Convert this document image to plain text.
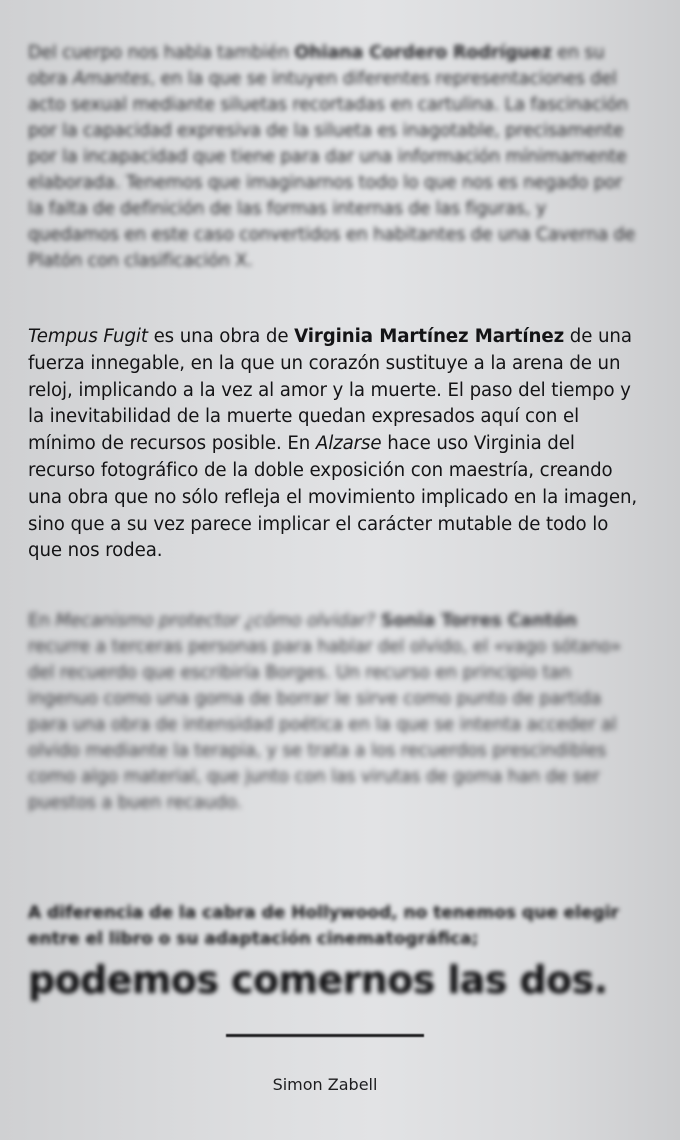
Del cuerpo nos habla también Ohiana Cordero Rodríguez en su obra Amantes, en la que se intuyen diferentes representaciones del acto sexual mediante siluetas recortadas en cartulina. La fascinación por la capacidad expresiva de la silueta es inagotable, precisamente por la incapacidad que tiene para dar una información mínimamente elaborada. Tenemos que imaginarnos todo lo que nos es negado por la falta de definición de las formas internas de las figuras, y quedamos en este caso convertidos en habitantes de una Caverna de Platón con clasificación X.

Tempus Fugit es una obra de Virginia Martínez Martínez de una fuerza innegable, en la que un corazón sustituye a la arena de un reloj, implicando a la vez al amor y la muerte. El paso del tiempo y la inevitabilidad de la muerte quedan expresados aquí con el mínimo de recursos posible. En Alzarse hace uso Virginia del recurso fotográfico de la doble exposición con maestría, creando una obra que no sólo refleja el movimiento implicado en la imagen, sino que a su vez parece implicar el carácter mutable de todo lo que nos rodea.

En Mecanismo protector ¿cómo olvidar? Sonia Torres Cantón recurre a terceras personas para hablar del olvido, el «vago sótano» del recuerdo que escribiría Borges. Un recurso en principio tan ingenuo como una goma de borrar le sirve como punto de partida para una obra de intensidad poética en la que se intenta acceder al olvido mediante la terapia, y se trata a los recuerdos prescindibles como algo material, que junto con las virutas de goma han de ser puestos a buen recaudo.

A diferencia de la cabra de Hollywood, no tenemos que elegir entre el libro o su adaptación cinematográfica;
podemos comernos las dos.
Simon Zabell
